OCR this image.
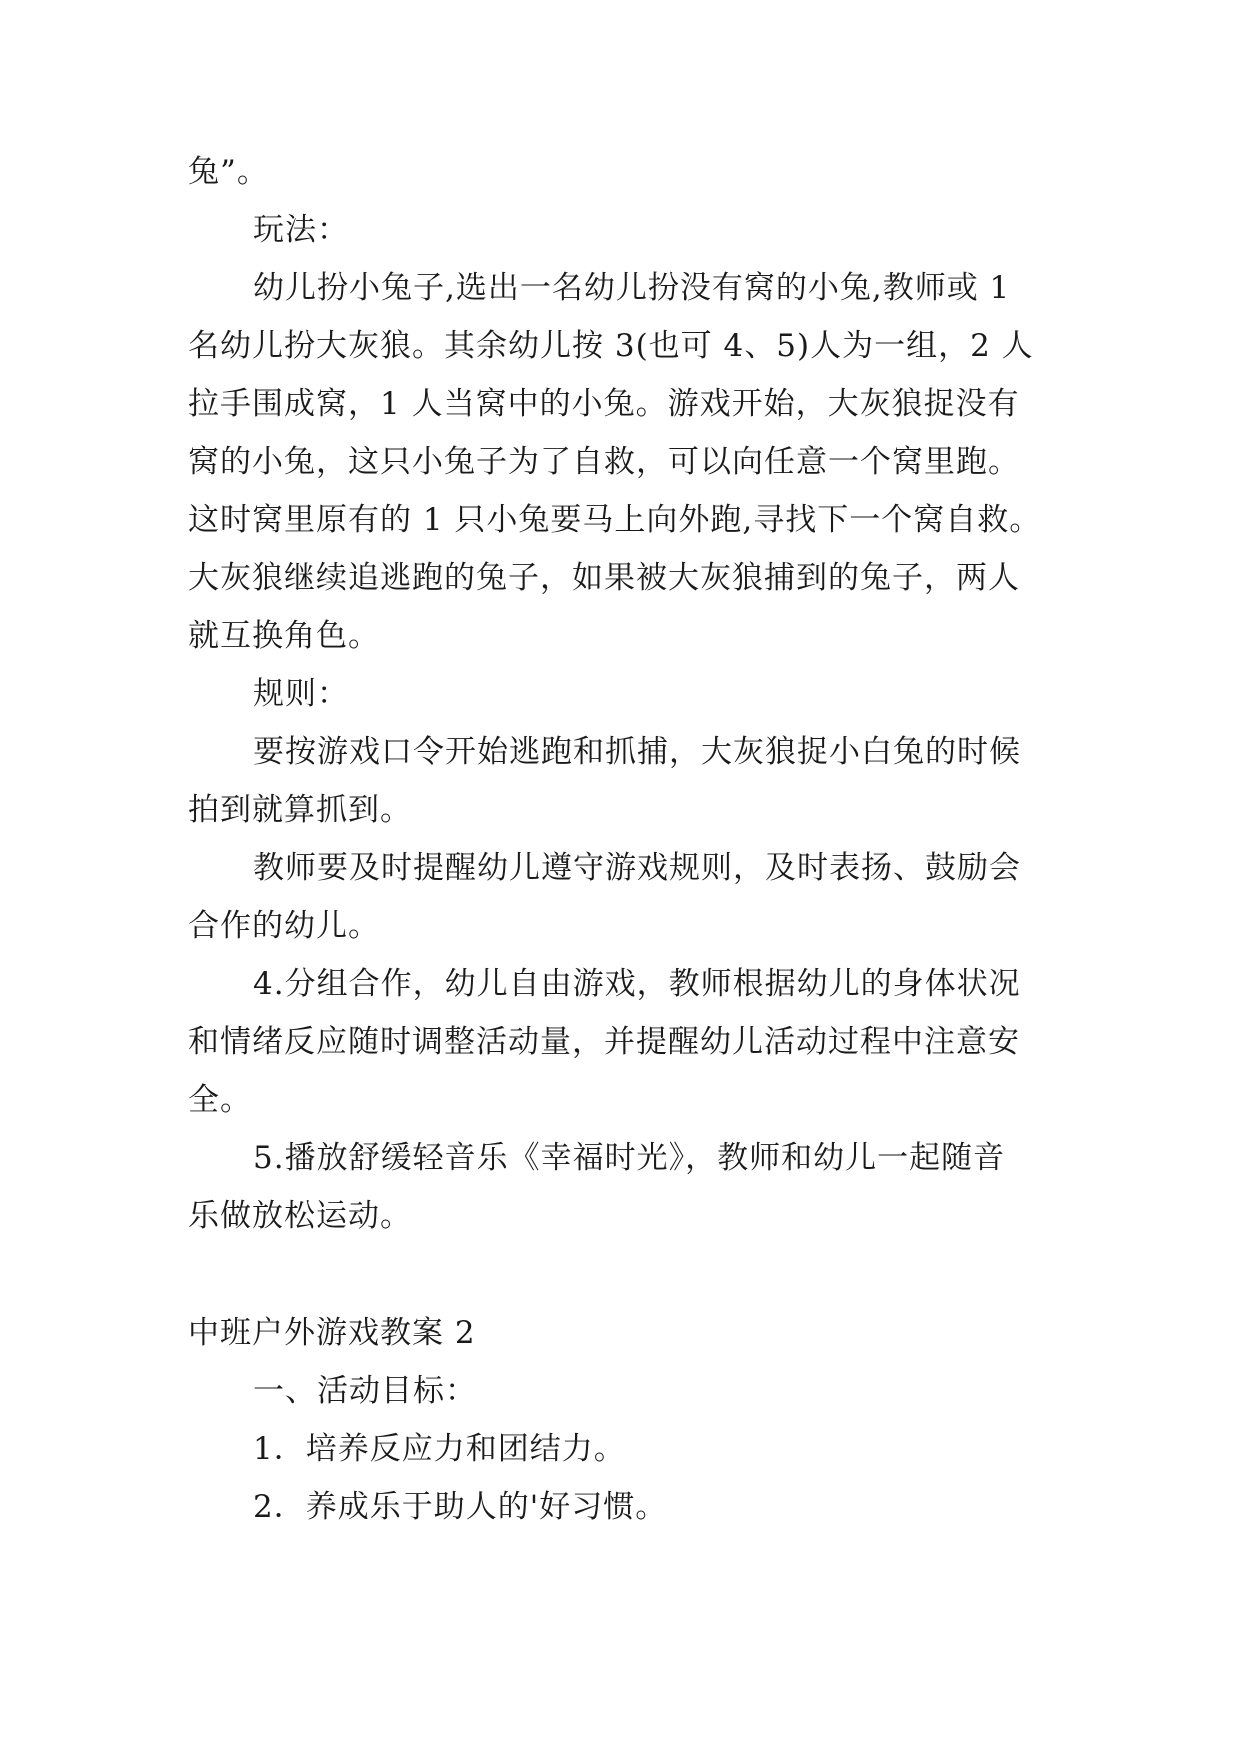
兔”。
玩法：
幼儿扮小兔子,选出一名幼儿扮没有窝的小兔,教师或 1
名幼儿扮大灰狼。其余幼儿按 3(也可 4、5)人为一组，2 人
拉手围成窝，1 人当窝中的小兔。游戏开始，大灰狼捉没有
窝的小兔，这只小兔子为了自救，可以向任意一个窝里跑。
这时窝里原有的 1 只小兔要马上向外跑,寻找下一个窝自救。
大灰狼继续追逃跑的兔子，如果被大灰狼捕到的兔子，两人
就互换角色。
规则：
要按游戏口令开始逃跑和抓捕，大灰狼捉小白兔的时候
拍到就算抓到。
教师要及时提醒幼儿遵守游戏规则，及时表扬、鼓励会
合作的幼儿。
4.分组合作，幼儿自由游戏，教师根据幼儿的身体状况
和情绪反应随时调整活动量，并提醒幼儿活动过程中注意安
全。
5.播放舒缓轻音乐《幸福时光》，教师和幼儿一起随音
乐做放松运动。
中班户外游戏教案 2
一、活动目标：
1．培养反应力和团结力。
2．养成乐于助人的'好习惯。
